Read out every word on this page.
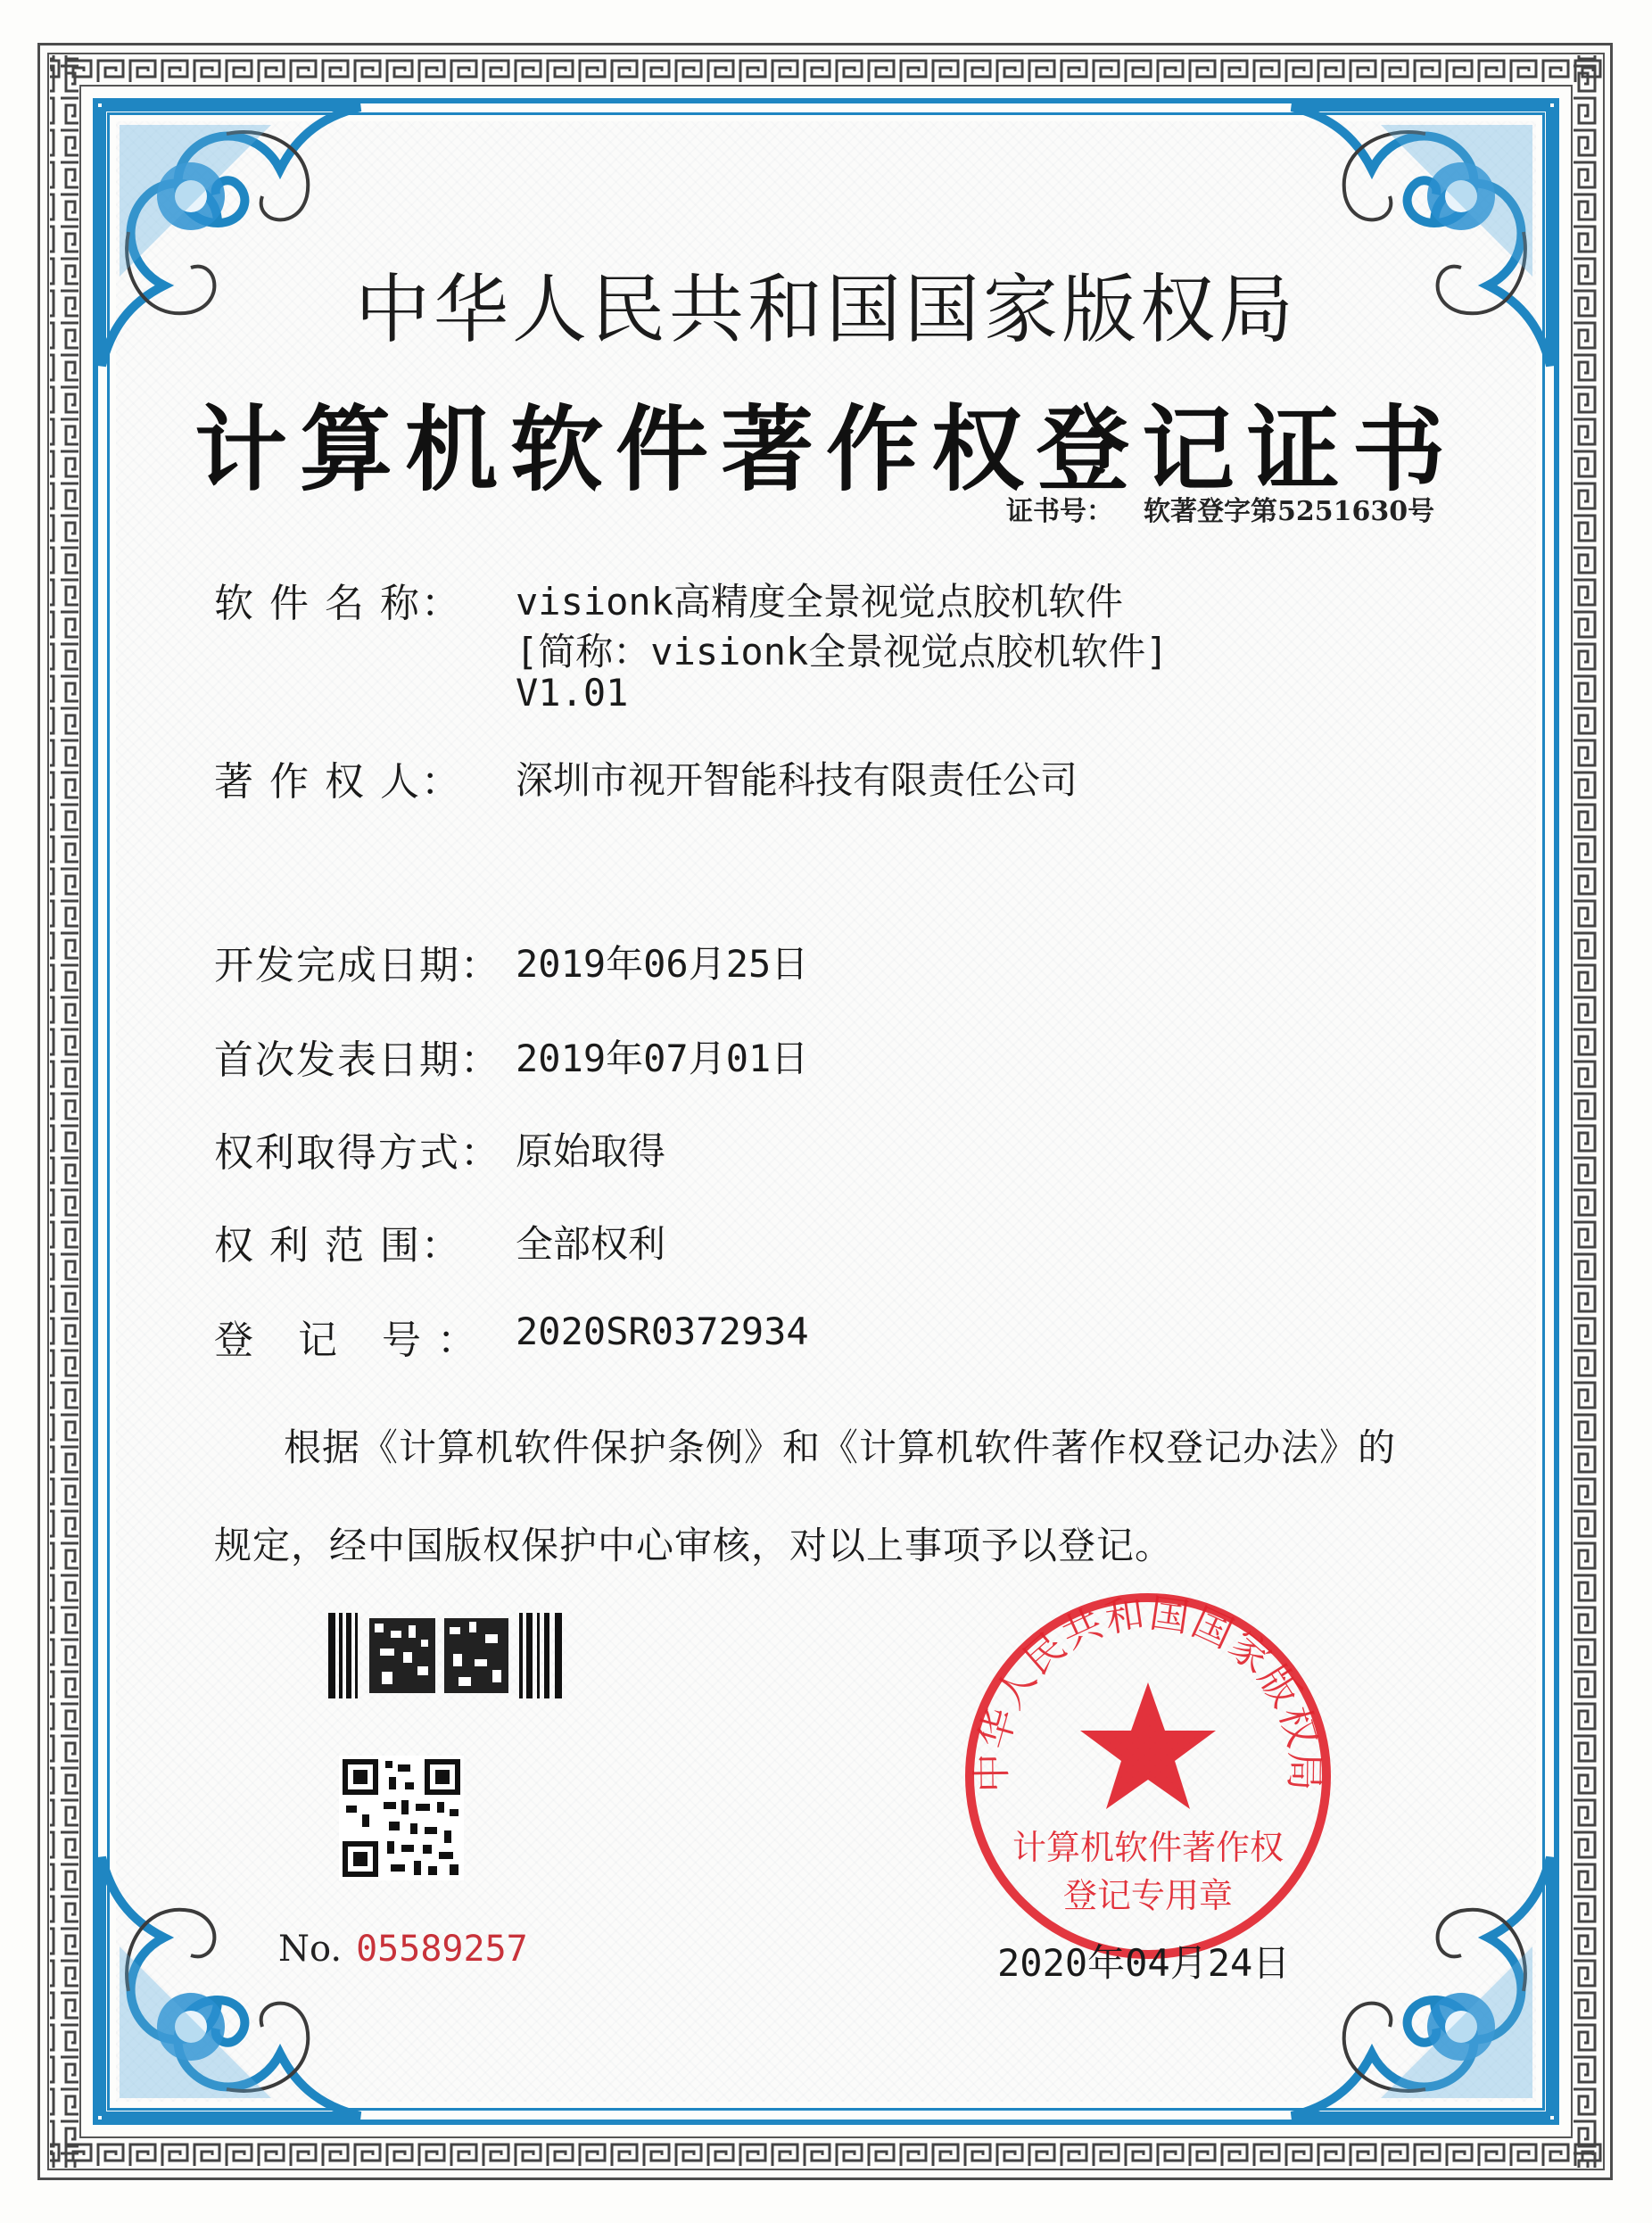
中华人民共和国国家版权局
计算机软件著作权登记证书
证书号： 软著登字第5251630号
软 件 名 称： visionk高精度全景视觉点胶机软件
[简称：visionk全景视觉点胶机软件]
V1.01
著 作 权 人： 深圳市视开智能科技有限责任公司
开发完成日期： 2019年06月25日
首次发表日期： 2019年07月01日
权利取得方式： 原始取得
权 利 范 围： 全部权利
登 记 号： 2020SR0372934
根据《计算机软件保护条例》和《计算机软件著作权登记办法》的
规定，经中国版权保护中心审核，对以上事项予以登记。
No. 05589257
中华人民共和国国家版权局
计算机软件著作权
登记专用章
2020年04月24日
